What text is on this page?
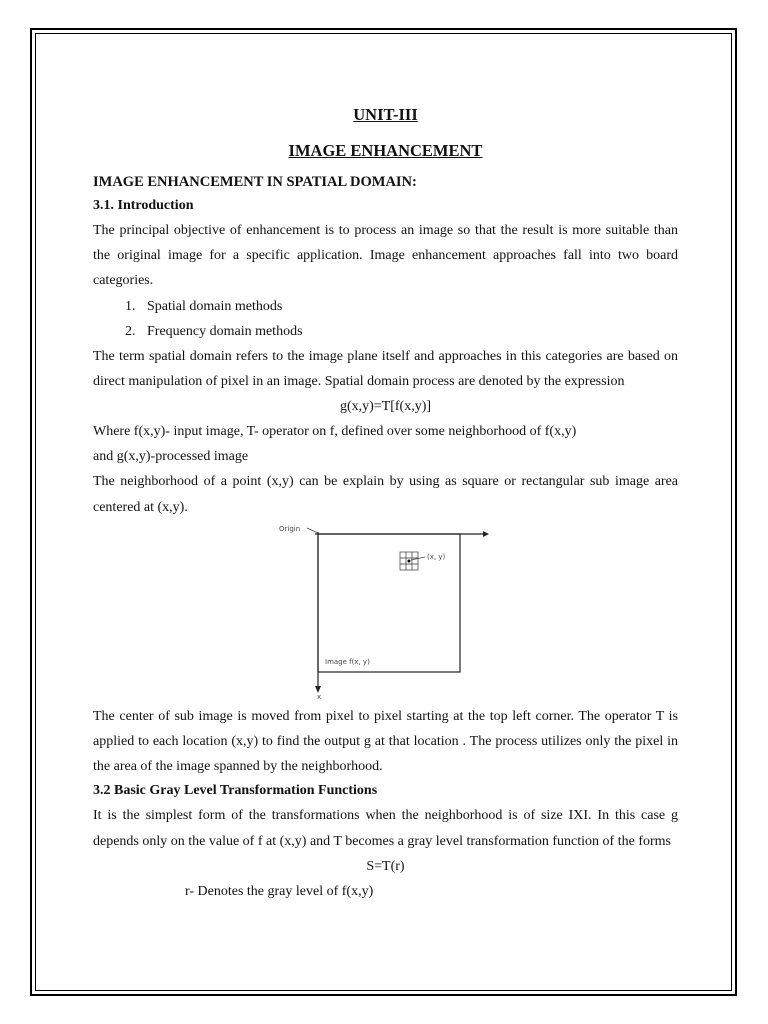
UNIT-III
IMAGE ENHANCEMENT
IMAGE ENHANCEMENT IN SPATIAL DOMAIN:
3.1. Introduction
The principal objective of enhancement is to process an image so that the result is more suitable than the original image for a specific application. Image enhancement approaches fall into two board categories.
1. Spatial domain methods
2. Frequency domain methods
The term spatial domain refers to the image plane itself and approaches in this categories are based on direct manipulation of pixel in an image. Spatial domain process are denoted by the expression
g(x,y)=T[f(x,y)]
Where f(x,y)- input image, T- operator on f, defined over some neighborhood of f(x,y)
and g(x,y)-processed image
The neighborhood of a point (x,y) can be explain by using as square or rectangular sub image area centered at (x,y).
Origin
x
Image f(x, y)
(x, y)
The center of sub image is moved from pixel to pixel starting at the top left corner. The operator T is applied to each location (x,y) to find the output g at that location . The process utilizes only the pixel in the area of the image spanned by the neighborhood.
3.2 Basic Gray Level Transformation Functions
It is the simplest form of the transformations when the neighborhood is of size IXI. In this case g depends only on the value of f at (x,y) and T becomes a gray level transformation function of the forms
S=T(r)
r- Denotes the gray level of f(x,y)
